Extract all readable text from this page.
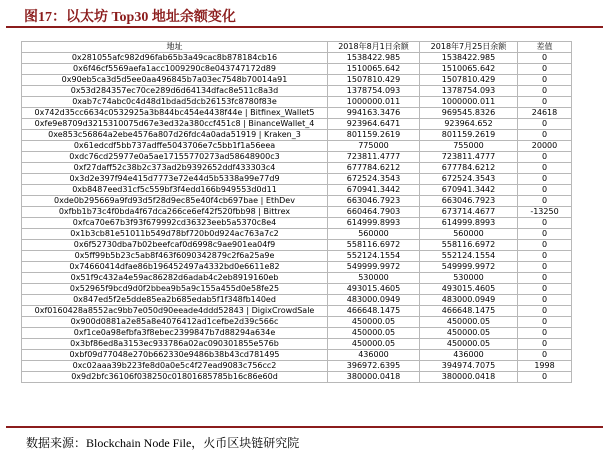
图17：以太坊 Top30 地址余额变化
地址	2018年8月1日余额	2018年7月25日余额	差值
0x281055afc982d96fab65b3a49cac8b878184cb16	1538422.985	1538422.985	0
0x6f46cf5569aefa1acc1009290c8e043747172d89	1510065.642	1510065.642	0
0x90eb5ca3d5d5ee0aa496845b7a03ec7548b70014a91	1507810.429	1507810.429	0
0x53d284357ec70ce289d6d64134dfac8e511c8a3d	1378754.093	1378754.093	0
0xab7c74abc0c4d48d1bdad5dcb26153fc8780f83e	1000000.011	1000000.011	0
0x742d35cc6634c0532925a3b844bc454e4438f44e | Bitfinex_Wallet5	994163.3476	969545.8326	24618
0xfe9e8709d3215310075d67e3ed32a380ccf451c8 | BinanceWallet_4	923964.6471	923964.652	0
0xe853c56864a2ebe4576a807d26fdc4a0ada51919 | Kraken_3	801159.2619	801159.2619	0
0x61edcdf5bb737adffe5043706e7c5bb1f1a56eea	775000	755000	20000
0xdc76cd25977e0a5ae17155770273ad58648900c3	723811.4777	723811.4777	0
0xf27daff52c38b2c373ad2b9392652ddf433303c4	677784.6212	677784.6212	0
0x3d2e397f94e415d7773e72e44d5b5338a99e77d9	672524.3543	672524.3543	0
0xb8487eed31cf5c559bf3f4edd166b949553d0d11	670941.3442	670941.3442	0
0xde0b295669a9fd93d5f28d9ec85e40f4cb697bae | EthDev	663046.7923	663046.7923	0
0xfbb1b73c4f0bda4f67dca266ce6ef42f520fbb98 | Bittrex	660464.7903	673714.4677	-13250
0xfca70e67b3f93f679992cd36323eeb5a5370c8e4	614999.8993	614999.8993	0
0x1b3cb81e51011b549d78bf720b0d924ac763a7c2	560000	560000	0
0x6f52730dba7b02beefcaf0d6998c9ae901ea04f9	558116.6972	558116.6972	0
0x5ff99b5b23c5ab8f463f6090342879c2f6a25a9e	552124.1554	552124.1554	0
0x74660414dfae86b196452497a4332bd0e6611e82	549999.9972	549999.9972	0
0x51f9c432a4e59ac86282d6adab4c2eb8919160eb	530000	530000	0
0x52965f9bcd9d0f2bbea9b5a9c155a455d0e58fe25	493015.4605	493015.4605	0
0x847ed5f2e5dde85ea2b685edab5f1f348fb140ed	483000.0949	483000.0949	0
0xf0160428a8552ac9bb7e050d90eeade4ddd52843 | DigixCrowdSale	466648.1475	466648.1475	0
0x900d0881a2e85a8e4076412ad1cefbe2d39c566c	450000.05	450000.05	0
0xf1ce0a98efbfa3f8ebec2399847b7d88294a634e	450000.05	450000.05	0
0x3bf86ed8a3153ec933786a02ac090301855e576b	450000.05	450000.05	0
0xbf09d77048e270b662330e9486b38b43cd781495	436000	436000	0
0xc02aaa39b223fe8d0a0e5c4f27ead9083c756cc2	396972.6395	394974.7075	1998
0x9d2bfc36106f038250c01801685785b16c86e60d	380000.0418	380000.0418	0
数据来源：Blockchain Node File，火币区块链研究院
